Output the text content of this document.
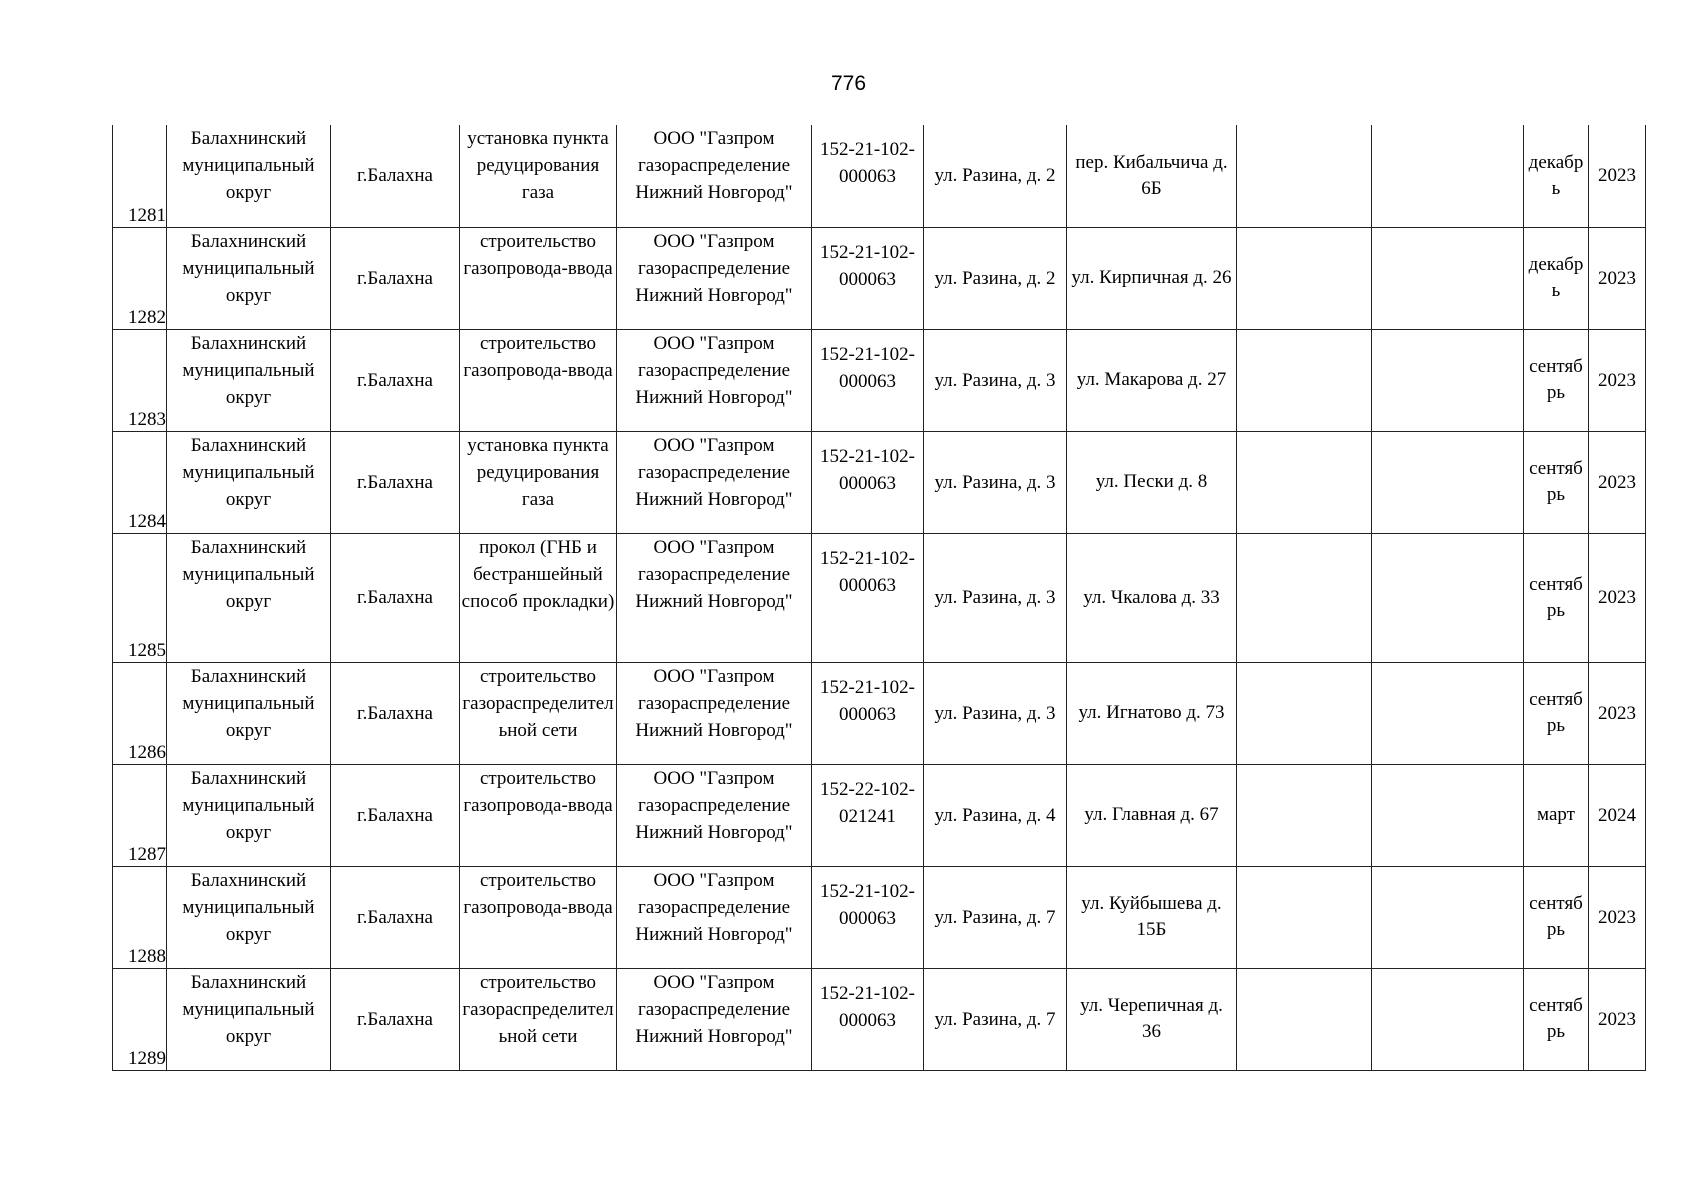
776
1281	Балахнинский муниципальный округ	г.Балахна	установка пункта редуцирования газа	ООО "Газпром газораспределение Нижний Новгород"	152-21-102-000063	ул. Разина, д. 2	пер. Кибальчича д. 6Б			декабрь	2023
1282	Балахнинский муниципальный округ	г.Балахна	строительство газопровода-ввода	ООО "Газпром газораспределение Нижний Новгород"	152-21-102-000063	ул. Разина, д. 2	ул. Кирпичная д. 26			декабрь	2023
1283	Балахнинский муниципальный округ	г.Балахна	строительство газопровода-ввода	ООО "Газпром газораспределение Нижний Новгород"	152-21-102-000063	ул. Разина, д. 3	ул. Макарова д. 27			сентябрь	2023
1284	Балахнинский муниципальный округ	г.Балахна	установка пункта редуцирования газа	ООО "Газпром газораспределение Нижний Новгород"	152-21-102-000063	ул. Разина, д. 3	ул. Пески д. 8			сентябрь	2023
1285	Балахнинский муниципальный округ	г.Балахна	прокол (ГНБ и бестраншейный способ прокладки)	ООО "Газпром газораспределение Нижний Новгород"	152-21-102-000063	ул. Разина, д. 3	ул. Чкалова д. 33			сентябрь	2023
1286	Балахнинский муниципальный округ	г.Балахна	строительство газораспределительной сети	ООО "Газпром газораспределение Нижний Новгород"	152-21-102-000063	ул. Разина, д. 3	ул. Игнатово д. 73			сентябрь	2023
1287	Балахнинский муниципальный округ	г.Балахна	строительство газопровода-ввода	ООО "Газпром газораспределение Нижний Новгород"	152-22-102-021241	ул. Разина, д. 4	ул. Главная д. 67			март	2024
1288	Балахнинский муниципальный округ	г.Балахна	строительство газопровода-ввода	ООО "Газпром газораспределение Нижний Новгород"	152-21-102-000063	ул. Разина, д. 7	ул. Куйбышева д. 15Б			сентябрь	2023
1289	Балахнинский муниципальный округ	г.Балахна	строительство газораспределительной сети	ООО "Газпром газораспределение Нижний Новгород"	152-21-102-000063	ул. Разина, д. 7	ул. Черепичная д. 36			сентябрь	2023
